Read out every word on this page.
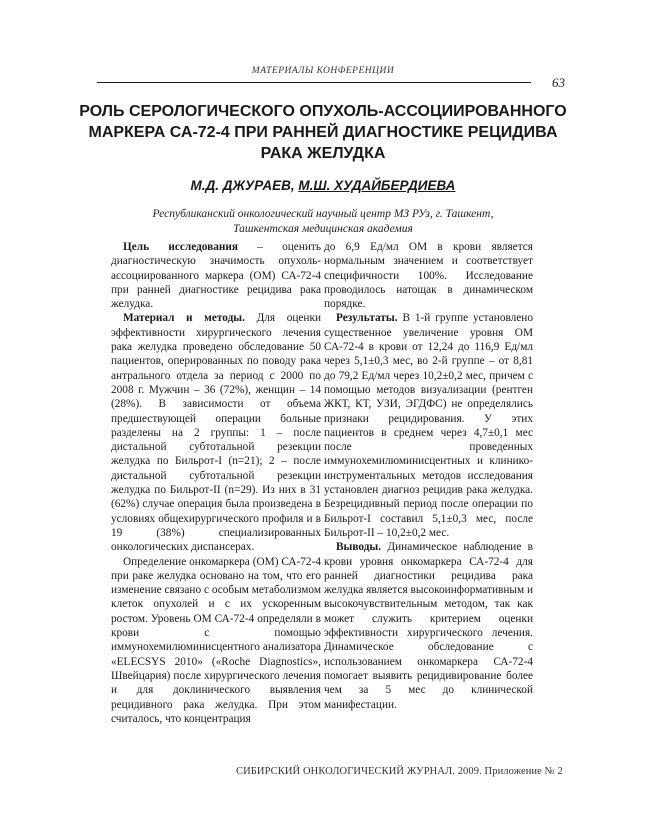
МАТЕРИАЛЫ КОНФЕРЕНЦИИ
63
РОЛЬ СЕРОЛОГИЧЕСКОГО ОПУХОЛЬ-АССОЦИИРОВАННОГО
МАРКЕРА СА-72-4 ПРИ РАННЕЙ ДИАГНОСТИКЕ РЕЦИДИВА
РАКА ЖЕЛУДКА
М.Д. ДЖУРАЕВ, М.Ш. ХУДАЙБЕРДИЕВА
Республиканский онкологический научный центр МЗ РУз, г. Ташкент,
Ташкентская медицинская академия

Цель исследования – оценить диагностическую значимость опухоль-ассоциированного маркера (ОМ) СА-72-4 при ранней диагностике рецидива рака желудка.

Материал и методы. Для оценки эффективности хирургического лечения рака желудка проведено обследование 50 пациентов, оперированных по поводу рака антрального отдела за период с 2000 по 2008 г. Мужчин – 36 (72%), женщин – 14 (28%). В зависимости от объема предшествующей операции больные разделены на 2 группы: 1 – после дистальной субтотальной резекции желудка по Бильрот-I (n=21); 2 – после дистальной субтотальной резекции желудка по Бильрот-II (n=29). Из них в 31 (62%) случае операция была произведена в условиях общехирургического профиля и в 19 (38%) специализированных онкологических диспансерах.

Определение онкомаркера (ОМ) СА-72-4 при раке желудка основано на том, что его изменение связано с особым метаболизмом клеток опухолей и с их ускоренным ростом. Уровень ОМ СА-72-4 определяли в крови с помощью иммунохемилюминисцентного анализатора «ELECSYS 2010» («Roche Diagnostics», Швейцария) после хирургического лечения и для доклинического выявления рецидивного рака желудка. При этом считалось, что концентрация

до 6,9 Ед/мл ОМ в крови является нормальным значением и соответствует специфичности 100%. Исследование проводилось натощак в динамическом порядке.

Результаты. В 1-й группе установлено существенное увеличение уровня ОМ СА-72-4 в крови от 12,24 до 116,9 Ед/мл через 5,1±0,3 мес, во 2-й группе – от 8,81 до 79,2 Ед/мл через 10,2±0,2 мес, причем с помощью методов визуализации (рентген ЖКТ, КТ, УЗИ, ЭГДФС) не определялись признаки рецидирования. У этих пациентов в среднем через 4,7±0,1 мес после проведенных иммунохемилюминисцентных и клинико-инструментальных методов исследования установлен диагноз рецидив рака желудка. Безрецидивный период после операции по Бильрот-I составил 5,1±0,3 мес, после Бильрот-II – 10,2±0,2 мес.

Выводы. Динамическое наблюдение в крови уровня онкомаркера СА-72-4 для ранней диагностики рецидива рака желудка является высокоинформативным и высокочувствительным методом, так как может служить критерием оценки эффективности хирургического лечения. Динамическое обследование с использованием онкомаркера СА-72-4 помогает выявить рецидивирование более чем за 5 мес до клинической манифестации.

СИБИРСКИЙ ОНКОЛОГИЧЕСКИЙ ЖУРНАЛ. 2009. Приложение № 2
